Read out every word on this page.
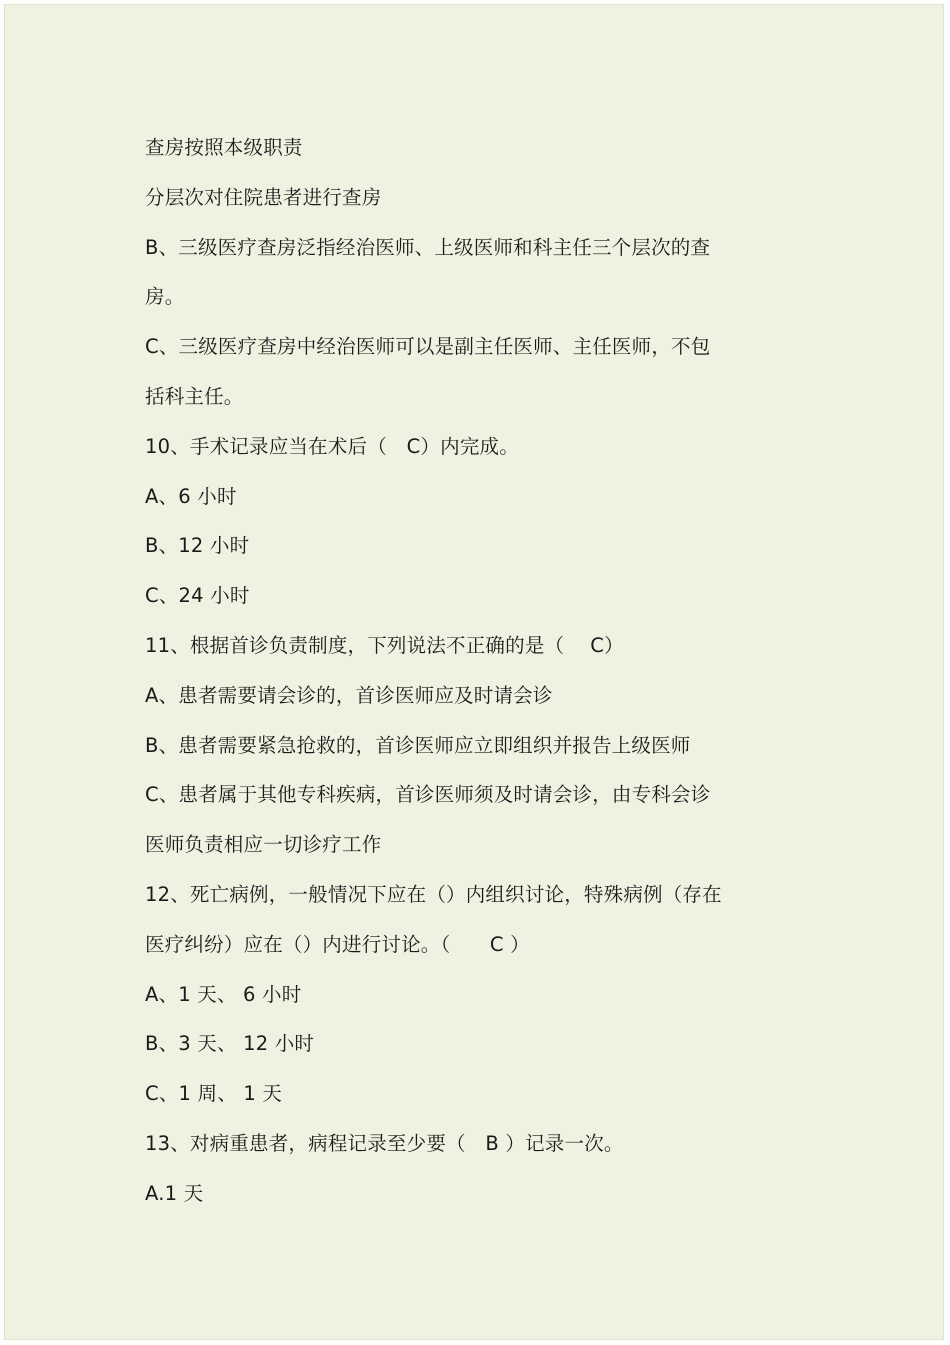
查房按照本级职责
分层次对住院患者进行查房
B、三级医疗查房泛指经治医师、上级医师和科主任三个层次的查
房。
C、三级医疗查房中经治医师可以是副主任医师、主任医师，不包
括科主任。
10、手术记录应当在术后（　C）内完成。
A、6 小时
B、12 小时
C、24 小时
11、根据首诊负责制度，下列说法不正确的是（　 C）
A、患者需要请会诊的，首诊医师应及时请会诊
B、患者需要紧急抢救的，首诊医师应立即组织并报告上级医师
C、患者属于其他专科疾病，首诊医师须及时请会诊，由专科会诊
医师负责相应一切诊疗工作
12、死亡病例，一般情况下应在（）内组织讨论，特殊病例（存在
医疗纠纷）应在（）内进行讨论。（　　C ）
A、1 天、 6 小时
B、3 天、 12 小时
C、1 周、 1 天
13、对病重患者，病程记录至少要（　B ）记录一次。
A.1 天
